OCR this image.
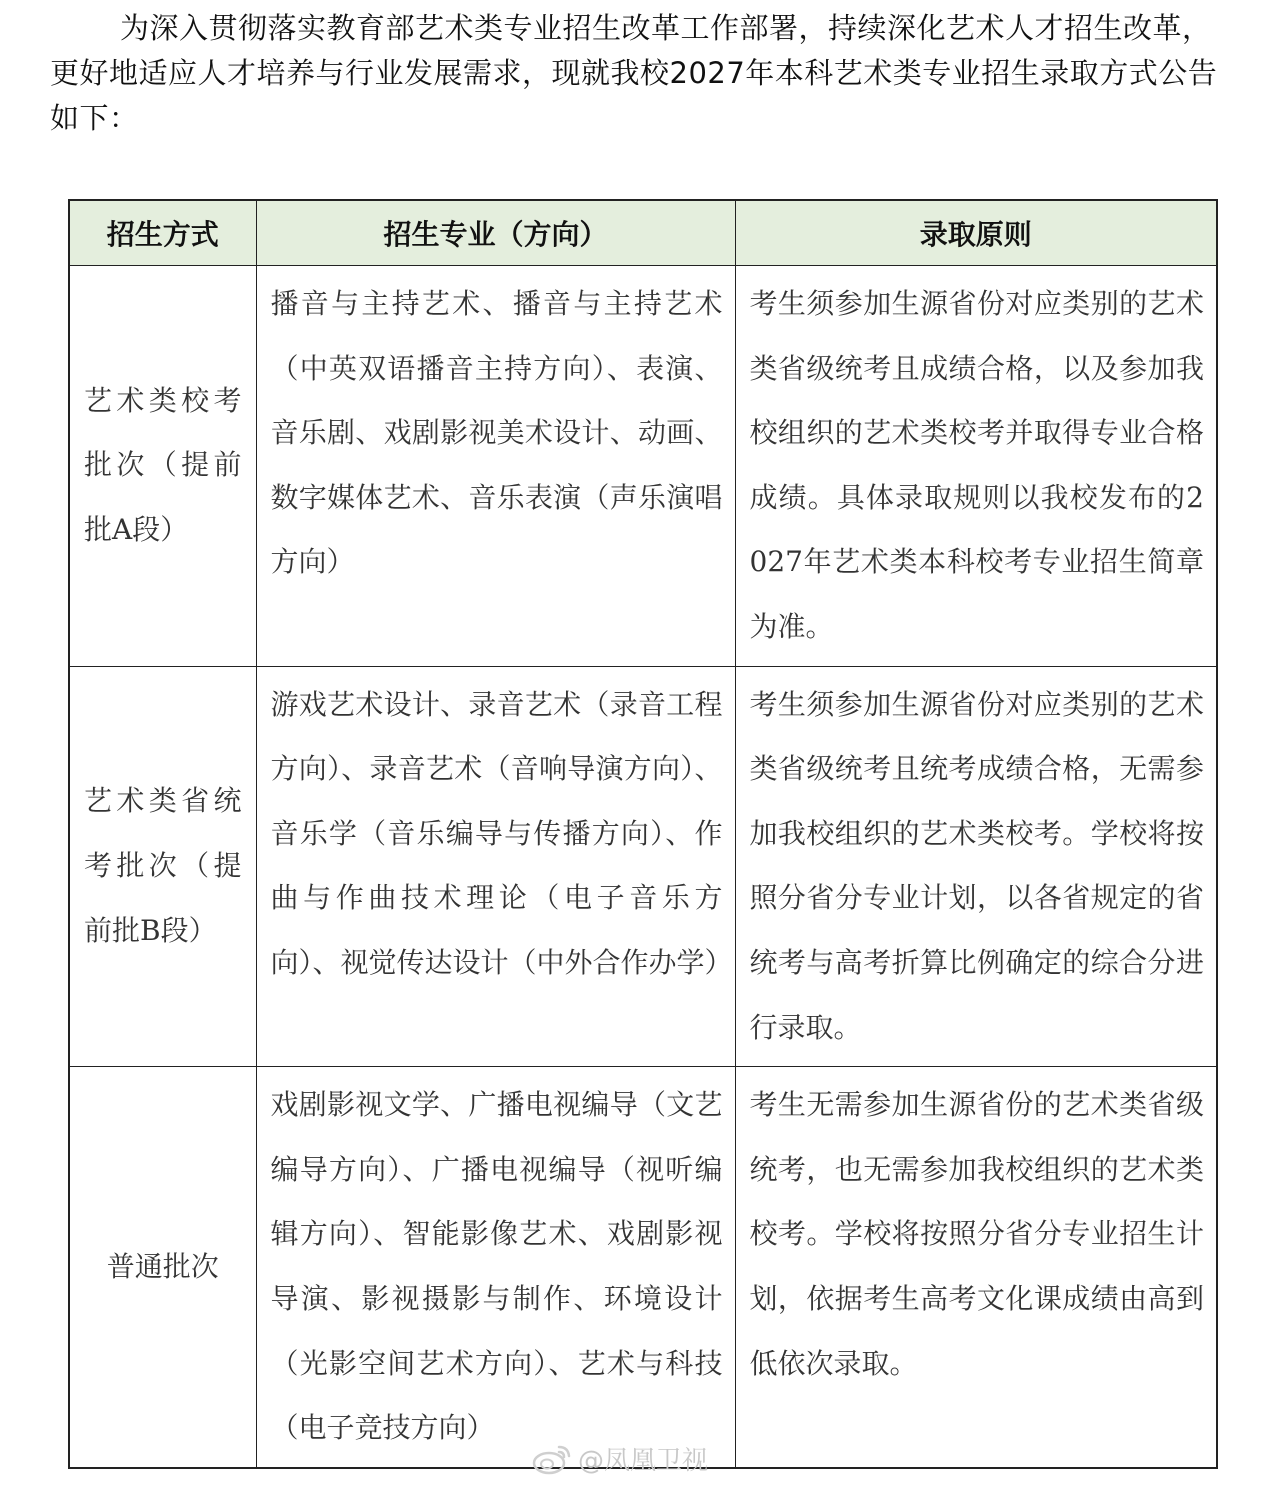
为深入贯彻落实教育部艺术类专业招生改革工作部署，持续深化艺术人才招生改革，更好地适应人才培养与行业发展需求，现就我校2027年本科艺术类专业招生录取方式公告如下：

招生方式	招生专业（方向）	录取原则
艺术类校考批次（提前批A段）	播音与主持艺术、播音与主持艺术（中英双语播音主持方向）、表演、音乐剧、戏剧影视美术设计、动画、数字媒体艺术、音乐表演（声乐演唱方向）	考生须参加生源省份对应类别的艺术类省级统考且成绩合格，以及参加我校组织的艺术类校考并取得专业合格成绩。具体录取规则以我校发布的2027年艺术类本科校考专业招生简章为准。
艺术类省统考批次（提前批B段）	游戏艺术设计、录音艺术（录音工程方向）、录音艺术（音响导演方向）、音乐学（音乐编导与传播方向）、作曲与作曲技术理论（电子音乐方向）、视觉传达设计（中外合作办学）	考生须参加生源省份对应类别的艺术类省级统考且统考成绩合格，无需参加我校组织的艺术类校考。学校将按照分省分专业计划，以各省规定的省统考与高考折算比例确定的综合分进行录取。
普通批次	戏剧影视文学、广播电视编导（文艺编导方向）、广播电视编导（视听编辑方向）、智能影像艺术、戏剧影视导演、影视摄影与制作、环境设计（光影空间艺术方向）、艺术与科技（电子竞技方向）	考生无需参加生源省份的艺术类省级统考，也无需参加我校组织的艺术类校考。学校将按照分省分专业招生计划，依据考生高考文化课成绩由高到低依次录取。
@凤凰卫视
